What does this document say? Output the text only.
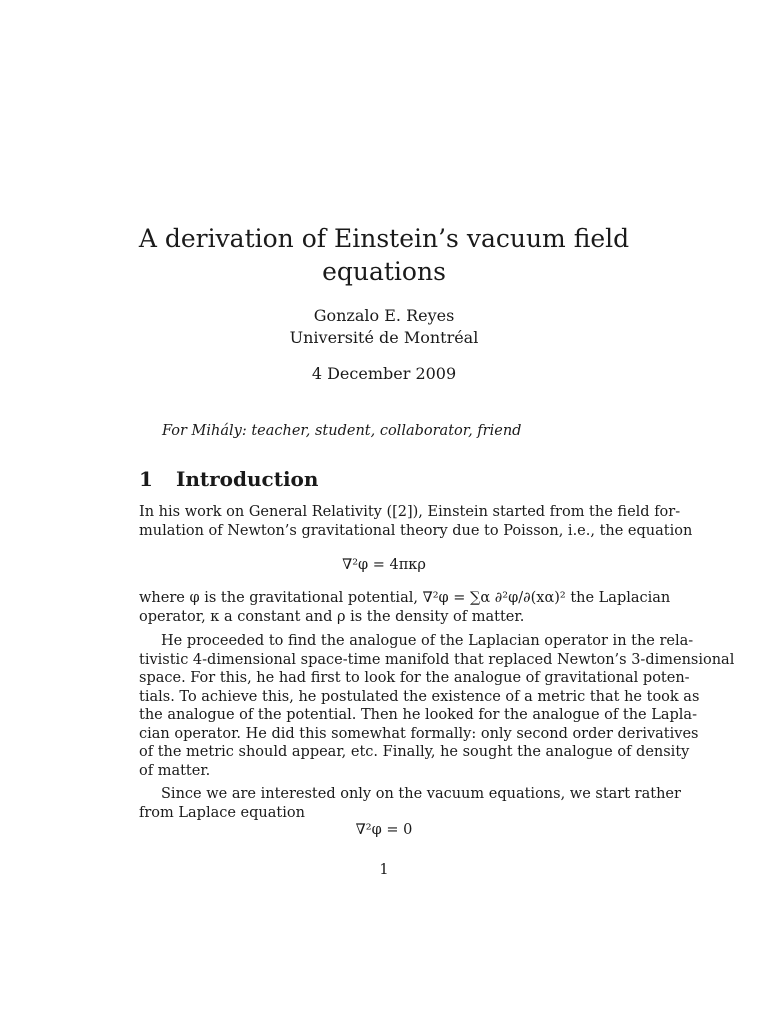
A derivation of Einstein’s vacuum field
equations
Gonzalo E. Reyes
Université de Montréal
4 December 2009
For Mihály: teacher, student, collaborator, friend
1 Introduction
In his work on General Relativity ([2]), Einstein started from the field for-
mulation of Newton’s gravitational theory due to Poisson, i.e., the equation
∇²φ = 4πκρ
where φ is the gravitational potential, ∇²φ = ∑α ∂²φ/∂(xα)² the Laplacian
operator, κ a constant and ρ is the density of matter.
He proceeded to find the analogue of the Laplacian operator in the rela-
tivistic 4-dimensional space-time manifold that replaced Newton’s 3-dimensional
space. For this, he had first to look for the analogue of gravitational poten-
tials. To achieve this, he postulated the existence of a metric that he took as
the analogue of the potential. Then he looked for the analogue of the Lapla-
cian operator. He did this somewhat formally: only second order derivatives
of the metric should appear, etc. Finally, he sought the analogue of density
of matter.
Since we are interested only on the vacuum equations, we start rather
from Laplace equation
∇²φ = 0
1
